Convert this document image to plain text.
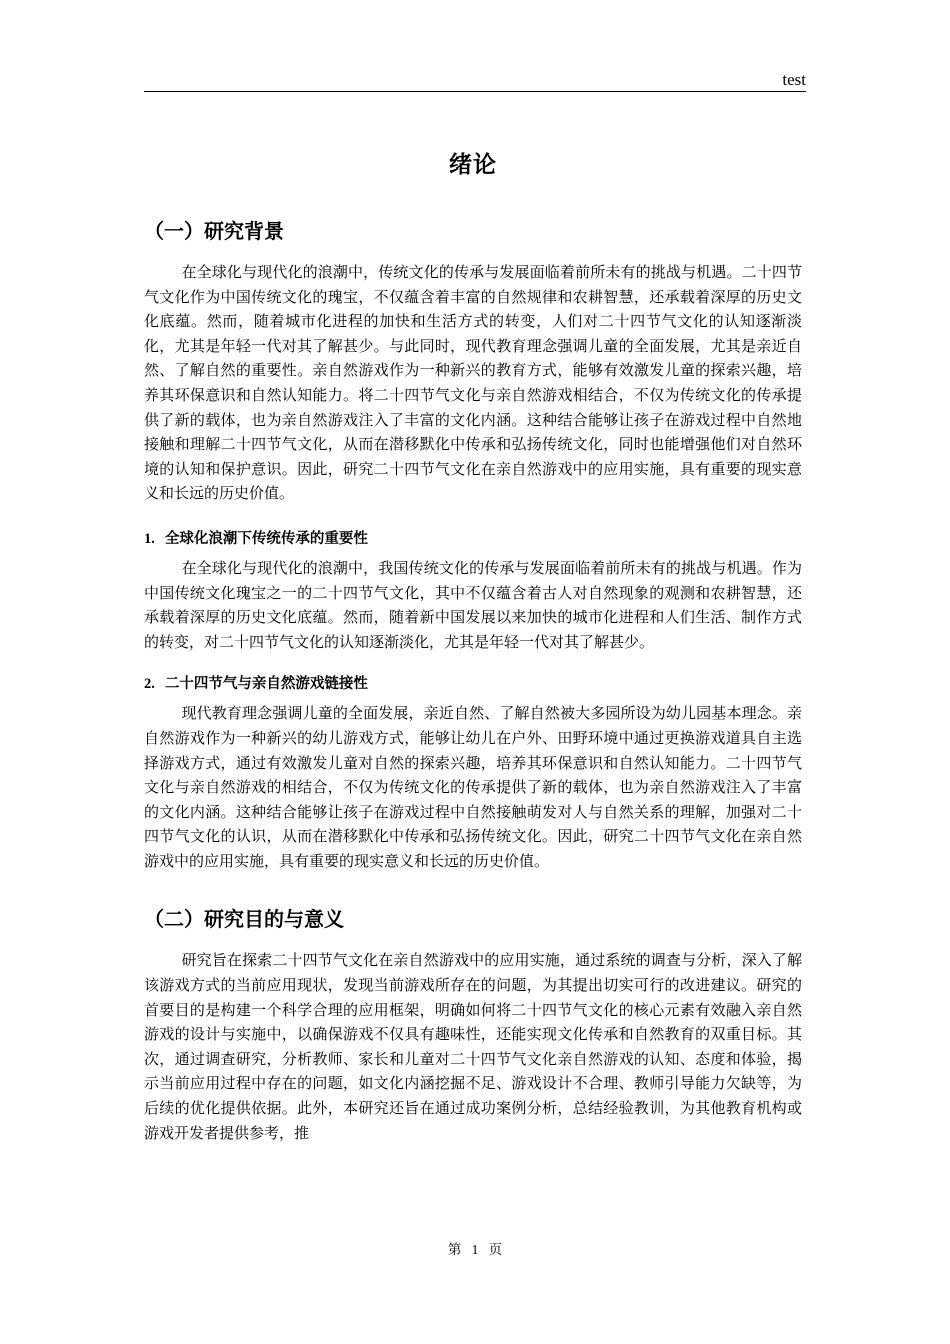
test
绪论
（一）研究背景

在全球化与现代化的浪潮中，传统文化的传承与发展面临着前所未有的挑战与机遇。二十四节气文化作为中国传统文化的瑰宝，不仅蕴含着丰富的自然规律和农耕智慧，还承载着深厚的历史文化底蕴。然而，随着城市化进程的加快和生活方式的转变，人们对二十四节气文化的认知逐渐淡化，尤其是年轻一代对其了解甚少。与此同时，现代教育理念强调儿童的全面发展，尤其是亲近自然、了解自然的重要性。亲自然游戏作为一种新兴的教育方式，能够有效激发儿童的探索兴趣，培养其环保意识和自然认知能力。将二十四节气文化与亲自然游戏相结合，不仅为传统文化的传承提供了新的载体，也为亲自然游戏注入了丰富的文化内涵。这种结合能够让孩子在游戏过程中自然地接触和理解二十四节气文化，从而在潜移默化中传承和弘扬传统文化，同时也能增强他们对自然环境的认知和保护意识。因此，研究二十四节气文化在亲自然游戏中的应用实施，具有重要的现实意义和长远的历史价值。

1. 全球化浪潮下传统传承的重要性

在全球化与现代化的浪潮中，我国传统文化的传承与发展面临着前所未有的挑战与机遇。作为中国传统文化瑰宝之一的二十四节气文化，其中不仅蕴含着古人对自然现象的观测和农耕智慧，还承载着深厚的历史文化底蕴。然而，随着新中国发展以来加快的城市化进程和人们生活、制作方式的转变，对二十四节气文化的认知逐渐淡化，尤其是年轻一代对其了解甚少。

2. 二十四节气与亲自然游戏链接性

现代教育理念强调儿童的全面发展，亲近自然、了解自然被大多园所设为幼儿园基本理念。亲自然游戏作为一种新兴的幼儿游戏方式，能够让幼儿在户外、田野环境中通过更换游戏道具自主选择游戏方式，通过有效激发儿童对自然的探索兴趣，培养其环保意识和自然认知能力。二十四节气文化与亲自然游戏的相结合，不仅为传统文化的传承提供了新的载体，也为亲自然游戏注入了丰富的文化内涵。这种结合能够让孩子在游戏过程中自然接触萌发对人与自然关系的理解，加强对二十四节气文化的认识，从而在潜移默化中传承和弘扬传统文化。因此，研究二十四节气文化在亲自然游戏中的应用实施，具有重要的现实意义和长远的历史价值。

（二）研究目的与意义

研究旨在探索二十四节气文化在亲自然游戏中的应用实施，通过系统的调查与分析，深入了解该游戏方式的当前应用现状，发现当前游戏所存在的问题，为其提出切实可行的改进建议。研究的首要目的是构建一个科学合理的应用框架，明确如何将二十四节气文化的核心元素有效融入亲自然游戏的设计与实施中，以确保游戏不仅具有趣味性，还能实现文化传承和自然教育的双重目标。其次，通过调查研究，分析教师、家长和儿童对二十四节气文化亲自然游戏的认知、态度和体验，揭示当前应用过程中存在的问题，如文化内涵挖掘不足、游戏设计不合理、教师引导能力欠缺等，为后续的优化提供依据。此外，本研究还旨在通过成功案例分析，总结经验教训，为其他教育机构或游戏开发者提供参考，推

第 1 页
